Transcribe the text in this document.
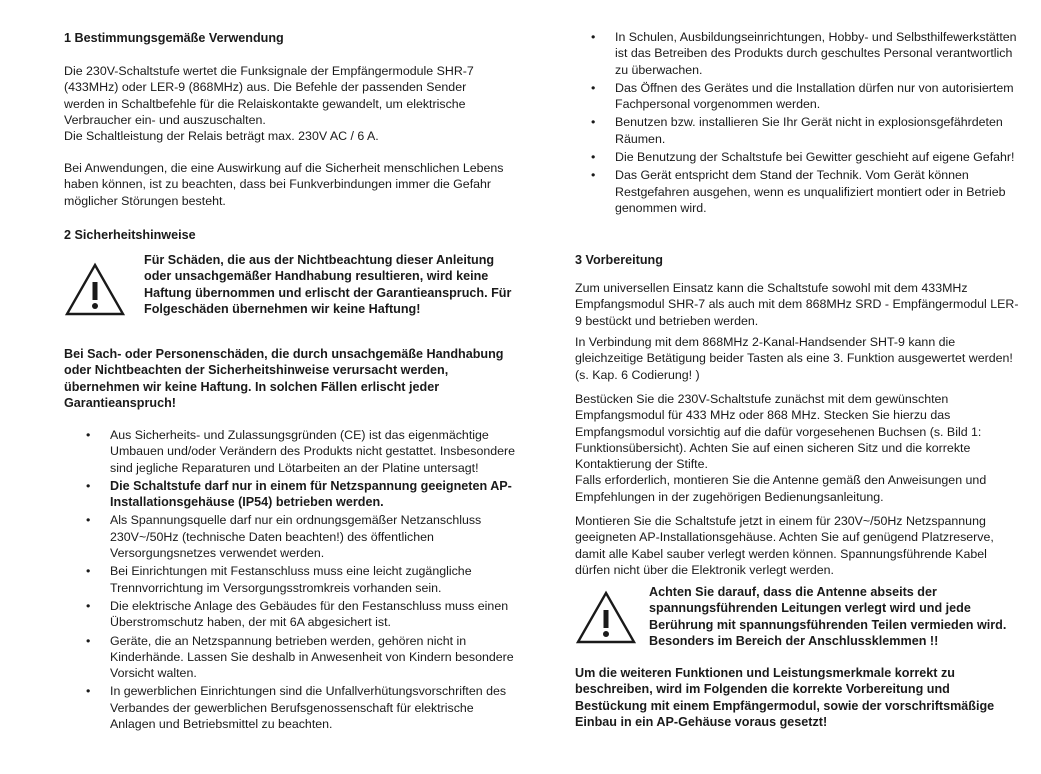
1 Bestimmungsgemäße Verwendung
Die 230V-Schaltstufe wertet die Funksignale der Empfängermodule SHR-7 (433MHz) oder LER-9 (868MHz) aus. Die Befehle der passenden Sender werden in Schaltbefehle für die Relaiskontakte gewandelt, um elektrische Verbraucher ein- und auszuschalten.
Die Schaltleistung der Relais beträgt max. 230V AC / 6 A.

Bei Anwendungen, die eine Auswirkung auf die Sicherheit menschlichen Lebens haben können, ist zu beachten, dass bei Funkverbindungen immer die Gefahr möglicher Störungen besteht.

2 Sicherheitshinweise

Für Schäden, die aus der Nichtbeachtung dieser Anleitung oder unsachgemäßer Handhabung resultieren, wird keine Haftung übernommen und erlischt der Garantieanspruch. Für Folgeschäden übernehmen wir keine Haftung!

Bei Sach- oder Personenschäden, die durch unsachgemäße Handhabung oder Nichtbeachten der Sicherheitshinweise verursacht werden, übernehmen wir keine Haftung. In solchen Fällen erlischt jeder Garantieanspruch!

• Aus Sicherheits- und Zulassungsgründen (CE) ist das eigenmächtige Umbauen und/oder Verändern des Produkts nicht gestattet. Insbesondere sind jegliche Reparaturen und Lötarbeiten an der Platine untersagt!
• Die Schaltstufe darf nur in einem für Netzspannung geeigneten AP-Installationsgehäuse (IP54) betrieben werden.
• Als Spannungsquelle darf nur ein ordnungsgemäßer Netzanschluss 230V~/50Hz (technische Daten beachten!) des öffentlichen Versorgungsnetzes verwendet werden.
• Bei Einrichtungen mit Festanschluss muss eine leicht zugängliche Trennvorrichtung im Versorgungsstromkreis vorhanden sein.
• Die elektrische Anlage des Gebäudes für den Festanschluss muss einen Überstromschutz haben, der mit 6A abgesichert ist.
• Geräte, die an Netzspannung betrieben werden, gehören nicht in Kinderhände. Lassen Sie deshalb in Anwesenheit von Kindern besondere Vorsicht walten.
• In gewerblichen Einrichtungen sind die Unfallverhütungsvorschriften des Verbandes der gewerblichen Berufsgenossenschaft für elektrische Anlagen und Betriebsmittel zu beachten.
• In Schulen, Ausbildungseinrichtungen, Hobby- und Selbsthilfewerkstätten ist das Betreiben des Produkts durch geschultes Personal verantwortlich zu überwachen.
• Das Öffnen des Gerätes und die Installation dürfen nur von autorisiertem Fachpersonal vorgenommen werden.
• Benutzen bzw. installieren Sie Ihr Gerät nicht in explosionsgefährdeten Räumen.
• Die Benutzung der Schaltstufe bei Gewitter geschieht auf eigene Gefahr!
• Das Gerät entspricht dem Stand der Technik. Vom Gerät können Restgefahren ausgehen, wenn es unqualifiziert montiert oder in Betrieb genommen wird.
3 Vorbereitung

Zum universellen Einsatz kann die Schaltstufe sowohl mit dem 433MHz Empfangsmodul SHR-7 als auch mit dem 868MHz SRD - Empfängermodul LER-9 bestückt und betrieben werden.

In Verbindung mit dem 868MHz 2-Kanal-Handsender SHT-9 kann die gleichzeitige Betätigung beider Tasten als eine 3. Funktion ausgewertet werden! (s. Kap. 6 Codierung! )

Bestücken Sie die 230V-Schaltstufe zunächst mit dem gewünschten Empfangsmodul für 433 MHz oder 868 MHz. Stecken Sie hierzu das Empfangsmodul vorsichtig auf die dafür vorgesehenen Buchsen (s. Bild 1: Funktionsübersicht). Achten Sie auf einen sicheren Sitz und die korrekte Kontaktierung der Stifte.
Falls erforderlich, montieren Sie die Antenne gemäß den Anweisungen und Empfehlungen in der zugehörigen Bedienungsanleitung.

Montieren Sie die Schaltstufe jetzt in einem für 230V~/50Hz Netzspannung geeigneten AP-Installationsgehäuse. Achten Sie auf genügend Platzreserve, damit alle Kabel sauber verlegt werden können. Spannungsführende Kabel dürfen nicht über die Elektronik verlegt werden.

Achten Sie darauf, dass die Antenne abseits der spannungsführenden Leitungen verlegt wird und jede Berührung mit spannungsführenden Teilen vermieden wird. Besonders im Bereich der Anschlussklemmen !!

Um die weiteren Funktionen und Leistungsmerkmale korrekt zu beschreiben, wird im Folgenden die korrekte Vorbereitung und Bestückung mit einem Empfängermodul, sowie der vorschriftsmäßige Einbau in ein AP-Gehäuse voraus gesetzt!
